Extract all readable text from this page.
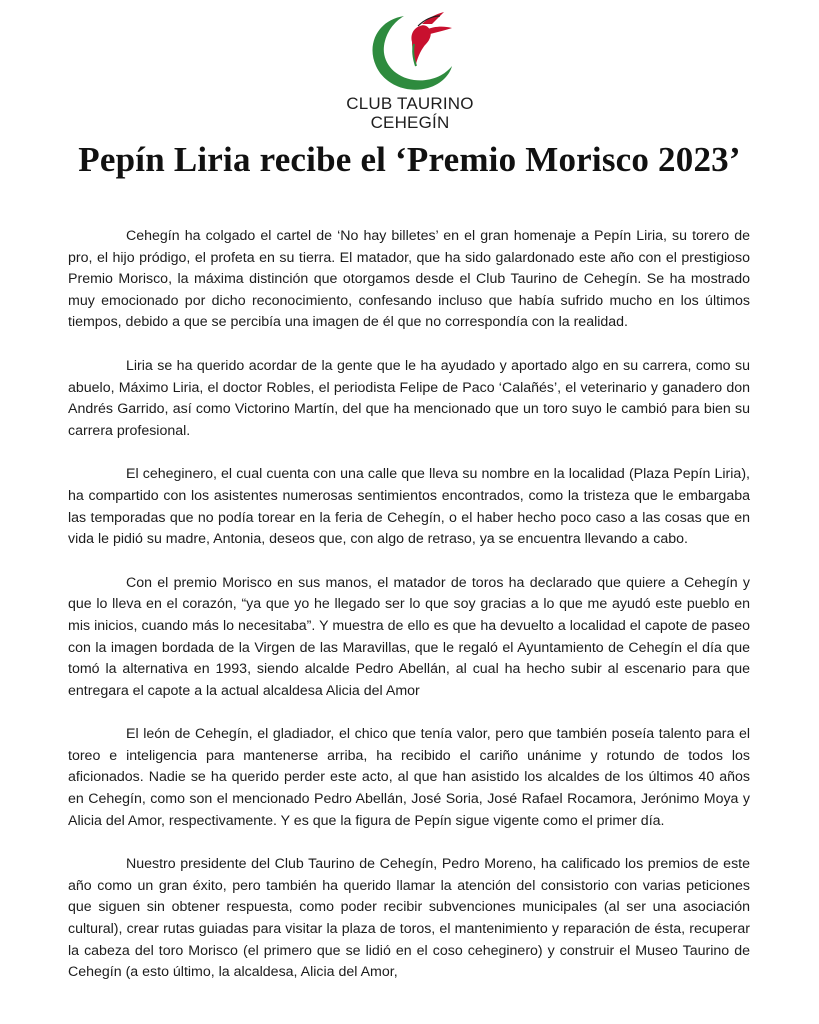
CLUB TAURINO
CEHEGÍN
Pepín Liria recibe el ‘Premio Morisco 2023’

Cehegín ha colgado el cartel de ‘No hay billetes’ en el gran homenaje a Pepín Liria, su torero de pro, el hijo pródigo, el profeta en su tierra. El matador, que ha sido galardonado este año con el prestigioso Premio Morisco, la máxima distinción que otorgamos desde el Club Taurino de Cehegín. Se ha mostrado muy emocionado por dicho reconocimiento, confesando incluso que había sufrido mucho en los últimos tiempos, debido a que se percibía una imagen de él que no correspondía con la realidad.

Liria se ha querido acordar de la gente que le ha ayudado y aportado algo en su carrera, como su abuelo, Máximo Liria, el doctor Robles, el periodista Felipe de Paco ‘Calañés’, el veterinario y ganadero don Andrés Garrido, así como Victorino Martín, del que ha mencionado que un toro suyo le cambió para bien su carrera profesional.

El ceheginero, el cual cuenta con una calle que lleva su nombre en la localidad (Plaza Pepín Liria), ha compartido con los asistentes numerosas sentimientos encontrados, como la tristeza que le embargaba las temporadas que no podía torear en la feria de Cehegín, o el haber hecho poco caso a las cosas que en vida le pidió su madre, Antonia, deseos que, con algo de retraso, ya se encuentra llevando a cabo.

Con el premio Morisco en sus manos, el matador de toros ha declarado que quiere a Cehegín y que lo lleva en el corazón, “ya que yo he llegado ser lo que soy gracias a lo que me ayudó este pueblo en mis inicios, cuando más lo necesitaba”. Y muestra de ello es que ha devuelto a localidad el capote de paseo con la imagen bordada de la Virgen de las Maravillas, que le regaló el Ayuntamiento de Cehegín el día que tomó la alternativa en 1993, siendo alcalde Pedro Abellán, al cual ha hecho subir al escenario para que entregara el capote a la actual alcaldesa Alicia del Amor

El león de Cehegín, el gladiador, el chico que tenía valor, pero que también poseía talento para el toreo e inteligencia para mantenerse arriba, ha recibido el cariño unánime y rotundo de todos los aficionados. Nadie se ha querido perder este acto, al que han asistido los alcaldes de los últimos 40 años en Cehegín, como son el mencionado Pedro Abellán, José Soria, José Rafael Rocamora, Jerónimo Moya y Alicia del Amor, respectivamente. Y es que la figura de Pepín sigue vigente como el primer día.

Nuestro presidente del Club Taurino de Cehegín, Pedro Moreno, ha calificado los premios de este año como un gran éxito, pero también ha querido llamar la atención del consistorio con varias peticiones que siguen sin obtener respuesta, como poder recibir subvenciones municipales (al ser una asociación cultural), crear rutas guiadas para visitar la plaza de toros, el mantenimiento y reparación de ésta, recuperar la cabeza del toro Morisco (el primero que se lidió en el coso ceheginero) y construir el Museo Taurino de Cehegín (a esto último, la alcaldesa, Alicia del Amor,
